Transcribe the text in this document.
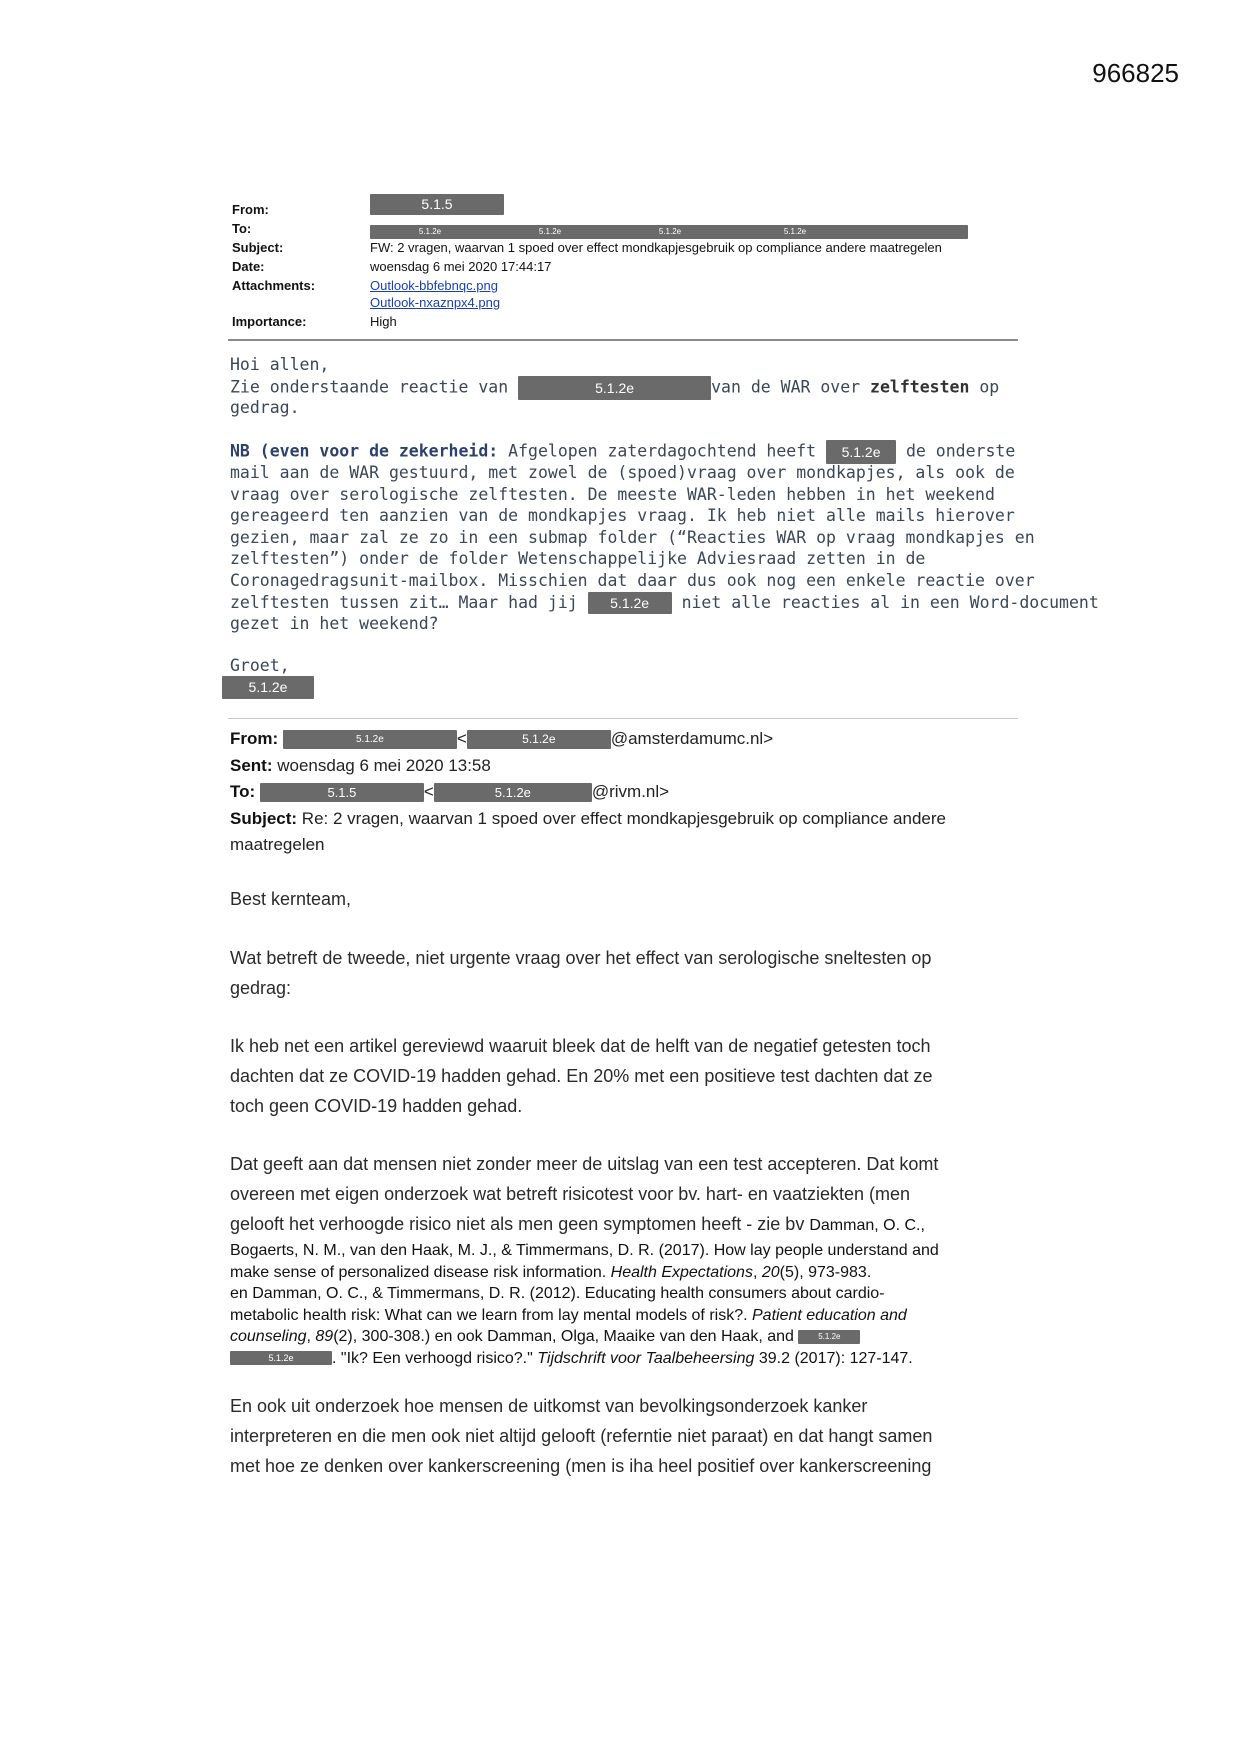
966825
From:	5.1.5
To:	5.1.2e	5.1.2e	5.1.2e	5.1.2e
Subject:	FW: 2 vragen, waarvan 1 spoed over effect mondkapjesgebruik op compliance andere maatregelen
Date:	woensdag 6 mei 2020 17:44:17
Attachments:	Outlook-bbfebnqc.png
Outlook-nxaznpx4.png
Importance:	High
Hoi allen,
Zie onderstaande reactie van	5.1.2e	van de WAR over zelftesten op
gedrag.
NB (even voor de zekerheid: Afgelopen zaterdagochtend heeft 5.1.2e de onderste
mail aan de WAR gestuurd, met zowel de (spoed)vraag over mondkapjes, als ook de
vraag over serologische zelftesten. De meeste WAR-leden hebben in het weekend
gereageerd ten aanzien van de mondkapjes vraag. Ik heb niet alle mails hierover
gezien, maar zal ze zo in een submap folder (“Reacties WAR op vraag mondkapjes en
zelftesten”) onder de folder Wetenschappelijke Adviesraad zetten in de
Coronagedragsunit-mailbox. Misschien dat daar dus ook nog een enkele reactie over
zelftesten tussen zit… Maar had jij 5.1.2e niet alle reacties al in een Word-document
gezet in het weekend?
Groet,
5.1.2e
From:	5.1.2e	<	5.1.2e	@amsterdamumc.nl>
Sent: woensdag 6 mei 2020 13:58
To:	5.1.5	<	5.1.2e	@rivm.nl>
Subject: Re: 2 vragen, waarvan 1 spoed over effect mondkapjesgebruik op compliance andere
maatregelen
Best kernteam,
Wat betreft de tweede, niet urgente vraag over het effect van serologische sneltesten op
gedrag:
Ik heb net een artikel gereviewd waaruit bleek dat de helft van de negatief getesten toch
dachten dat ze COVID-19 hadden gehad. En 20% met een positieve test dachten dat ze
toch geen COVID-19 hadden gehad.
Dat geeft aan dat mensen niet zonder meer de uitslag van een test accepteren. Dat komt
overeen met eigen onderzoek wat betreft risicotest voor bv. hart- en vaatziekten (men
gelooft het verhoogde risico niet als men geen symptomen heeft - zie bv Damman, O. C.,
Bogaerts, N. M., van den Haak, M. J., & Timmermans, D. R. (2017). How lay people understand and
make sense of personalized disease risk information. Health Expectations, 20(5), 973-983.
en Damman, O. C., & Timmermans, D. R. (2012). Educating health consumers about cardio-
metabolic health risk: What can we learn from lay mental models of risk?. Patient education and
counseling, 89(2), 300-308.) en ook Damman, Olga, Maaike van den Haak, and	5.1.2e
5.1.2e . "Ik? Een verhoogd risico?." Tijdschrift voor Taalbeheersing 39.2 (2017): 127-147.
En ook uit onderzoek hoe mensen de uitkomst van bevolkingsonderzoek kanker
interpreteren en die men ook niet altijd gelooft (referntie niet paraat) en dat hangt samen
met hoe ze denken over kankerscreening (men is iha heel positief over kankerscreening
